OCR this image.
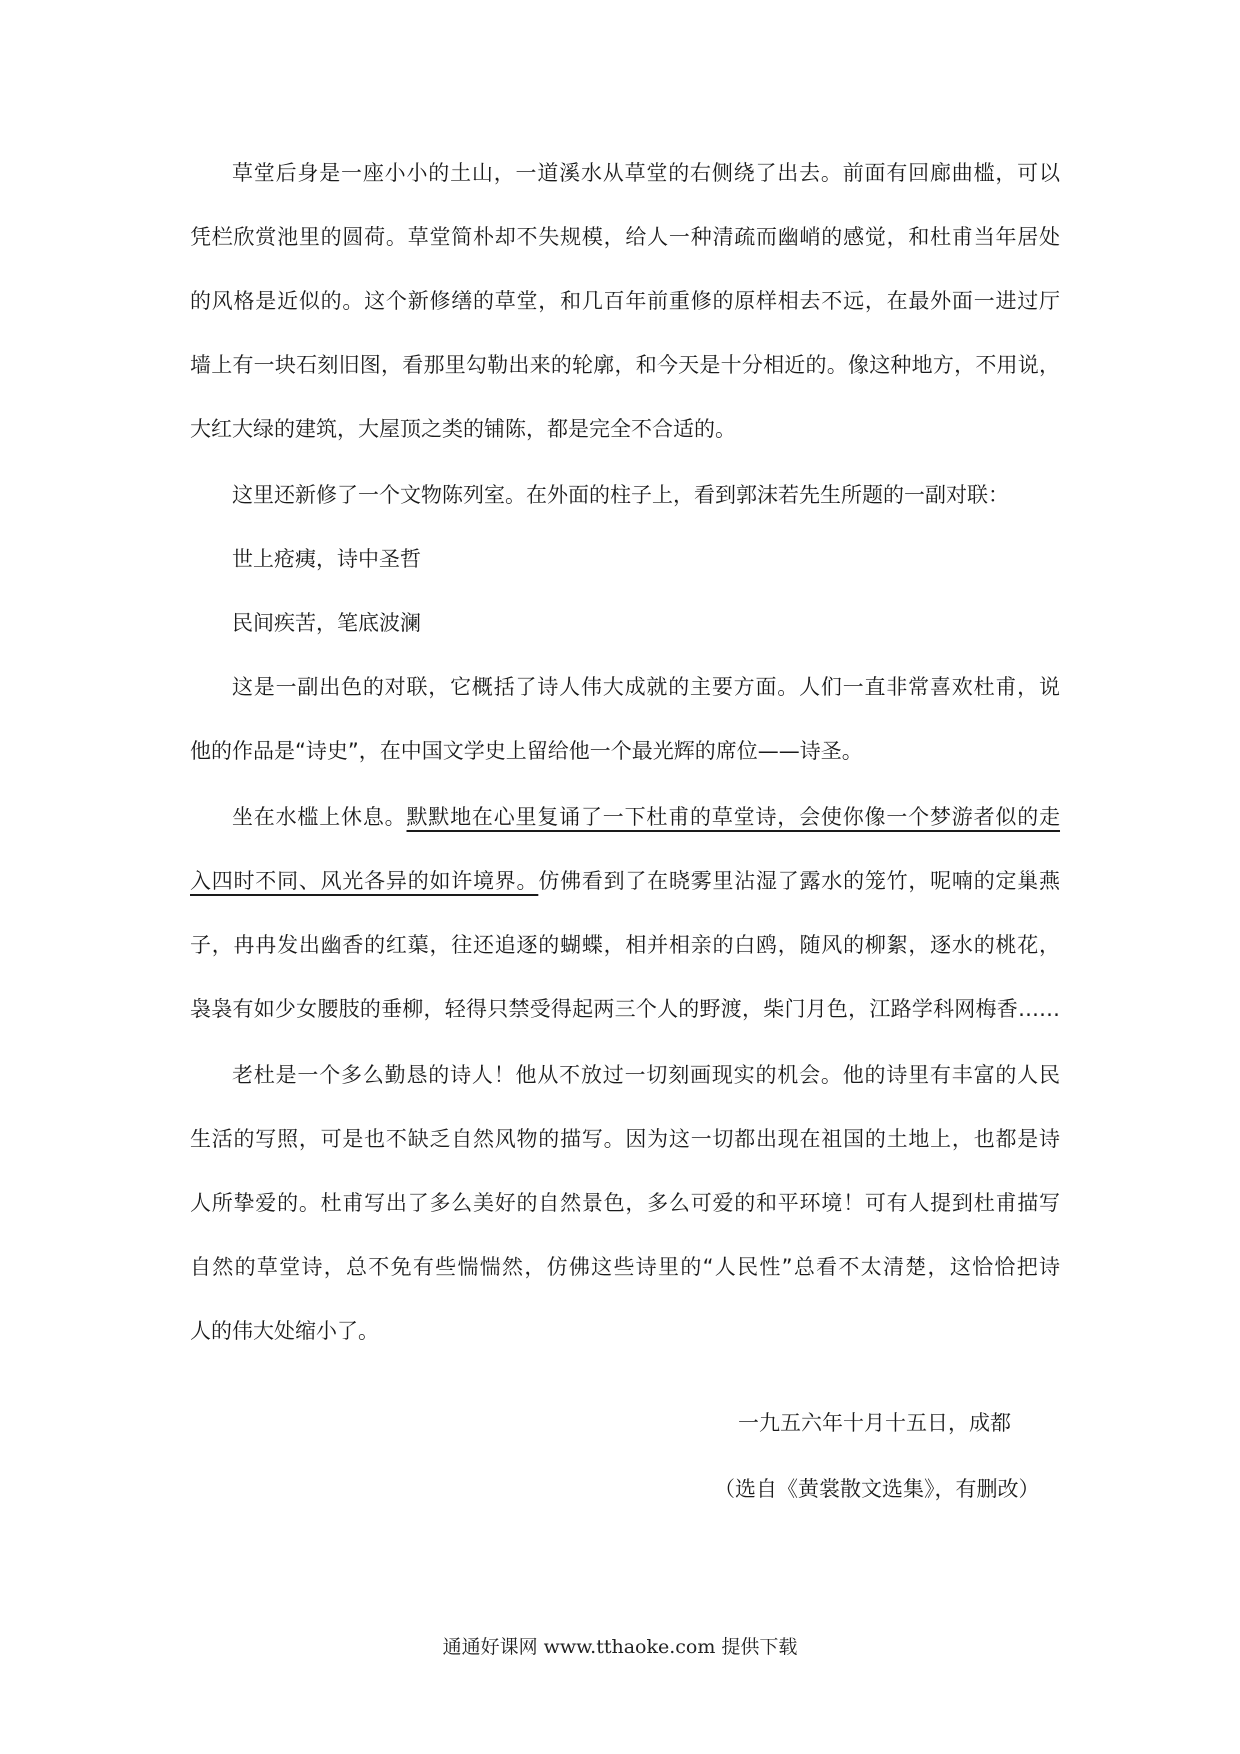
草堂后身是一座小小的土山，一道溪水从草堂的右侧绕了出去。前面有回廊曲槛，可以
凭栏欣赏池里的圆荷。草堂简朴却不失规模，给人一种清疏而幽峭的感觉，和杜甫当年居处
的风格是近似的。这个新修缮的草堂，和几百年前重修的原样相去不远，在最外面一进过厅
墙上有一块石刻旧图，看那里勾勒出来的轮廓，和今天是十分相近的。像这种地方，不用说，
大红大绿的建筑，大屋顶之类的铺陈，都是完全不合适的。
这里还新修了一个文物陈列室。在外面的柱子上，看到郭沫若先生所题的一副对联：
世上疮痍，诗中圣哲
民间疾苦，笔底波澜
这是一副出色的对联，它概括了诗人伟大成就的主要方面。人们一直非常喜欢杜甫，说
他的作品是“诗史”，在中国文学史上留给他一个最光辉的席位——诗圣。
坐在水槛上休息。默默地在心里复诵了一下杜甫的草堂诗，会使你像一个梦游者似的走
入四时不同、风光各异的如许境界。仿佛看到了在晓雾里沾湿了露水的笼竹，呢喃的定巢燕
子，冉冉发出幽香的红蕖，往还追逐的蝴蝶，相并相亲的白鸥，随风的柳絮，逐水的桃花，
袅袅有如少女腰肢的垂柳，轻得只禁受得起两三个人的野渡，柴门月色，江路学科网梅香……
老杜是一个多么勤恳的诗人！他从不放过一切刻画现实的机会。他的诗里有丰富的人民
生活的写照，可是也不缺乏自然风物的描写。因为这一切都出现在祖国的土地上，也都是诗
人所挚爱的。杜甫写出了多么美好的自然景色，多么可爱的和平环境！可有人提到杜甫描写
自然的草堂诗，总不免有些惴惴然，仿佛这些诗里的“人民性”总看不太清楚，这恰恰把诗
人的伟大处缩小了。
一九五六年十月十五日，成都
（选自《黄裳散文选集》，有删改）
通通好课网 www.tthaoke.com 提供下载
